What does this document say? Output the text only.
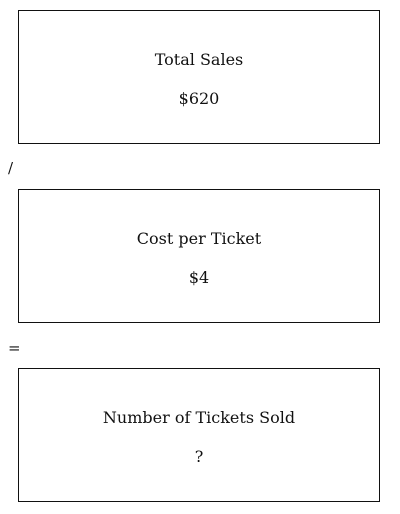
Total Sales
$620
/
Cost per Ticket
$4
=
Number of Tickets Sold
?
